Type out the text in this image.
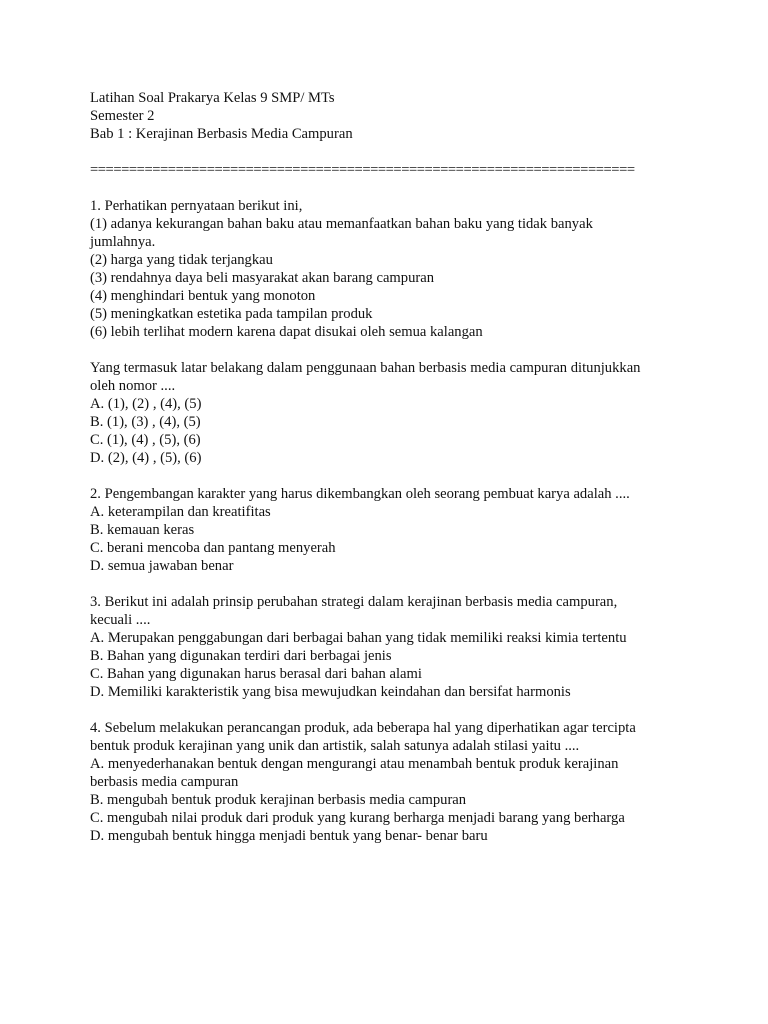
Latihan Soal Prakarya Kelas 9 SMP/ MTs
Semester 2
Bab 1 : Kerajinan Berbasis Media Campuran
======================================================================
1. Perhatikan pernyataan berikut ini,
(1) adanya kekurangan bahan baku atau memanfaatkan bahan baku yang tidak banyak
jumlahnya.
(2) harga yang tidak terjangkau
(3) rendahnya daya beli masyarakat akan barang campuran
(4) menghindari bentuk yang monoton
(5) meningkatkan estetika pada tampilan produk
(6) lebih terlihat modern karena dapat disukai oleh semua kalangan
Yang termasuk latar belakang dalam penggunaan bahan berbasis media campuran ditunjukkan
oleh nomor ....
A. (1), (2) , (4), (5)
B. (1), (3) , (4), (5)
C. (1), (4) , (5), (6)
D. (2), (4) , (5), (6)
2. Pengembangan karakter yang harus dikembangkan oleh seorang pembuat karya adalah ....
A. keterampilan dan kreatifitas
B. kemauan keras
C. berani mencoba dan pantang menyerah
D. semua jawaban benar
3. Berikut ini adalah prinsip perubahan strategi dalam kerajinan berbasis media campuran,
kecuali ....
A. Merupakan penggabungan dari berbagai bahan yang tidak memiliki reaksi kimia tertentu
B. Bahan yang digunakan terdiri dari berbagai jenis
C. Bahan yang digunakan harus berasal dari bahan alami
D. Memiliki karakteristik yang bisa mewujudkan keindahan dan bersifat harmonis
4. Sebelum melakukan perancangan produk, ada beberapa hal yang diperhatikan agar tercipta
bentuk produk kerajinan yang unik dan artistik, salah satunya adalah stilasi yaitu ....
A. menyederhanakan bentuk dengan mengurangi atau menambah bentuk produk kerajinan
berbasis media campuran
B. mengubah bentuk produk kerajinan berbasis media campuran
C. mengubah nilai produk dari produk yang kurang berharga menjadi barang yang berharga
D. mengubah bentuk hingga menjadi bentuk yang benar- benar baru
